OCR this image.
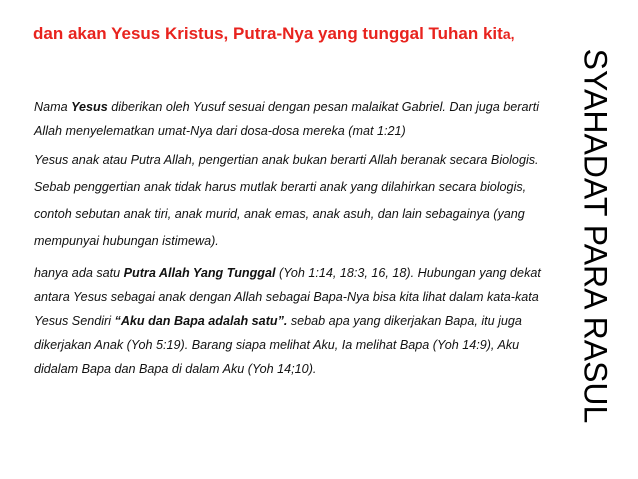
dan akan Yesus Kristus, Putra-Nya yang tunggal Tuhan kita,
SYAHADAT PARA RASUL

Nama Yesus diberikan oleh Yusuf sesuai dengan pesan malaikat Gabriel. Dan juga berarti Allah menyelematkan umat-Nya dari dosa-dosa mereka (mat 1:21)

Yesus anak atau Putra Allah, pengertian anak bukan berarti Allah beranak secara Biologis. Sebab penggertian anak tidak harus mutlak berarti anak yang dilahirkan secara biologis, contoh sebutan anak tiri, anak murid, anak emas, anak asuh, dan lain sebagainya (yang mempunyai hubungan istimewa).

hanya ada satu Putra Allah Yang Tunggal (Yoh 1:14, 18:3, 16, 18). Hubungan yang dekat antara Yesus sebagai anak dengan Allah sebagai Bapa-Nya bisa kita lihat dalam kata-kata Yesus Sendiri “Aku dan Bapa adalah satu”. sebab apa yang dikerjakan Bapa, itu juga dikerjakan Anak (Yoh 5:19). Barang siapa melihat Aku, Ia melihat Bapa (Yoh 14:9), Aku didalam Bapa dan Bapa di dalam Aku (Yoh 14;10).
